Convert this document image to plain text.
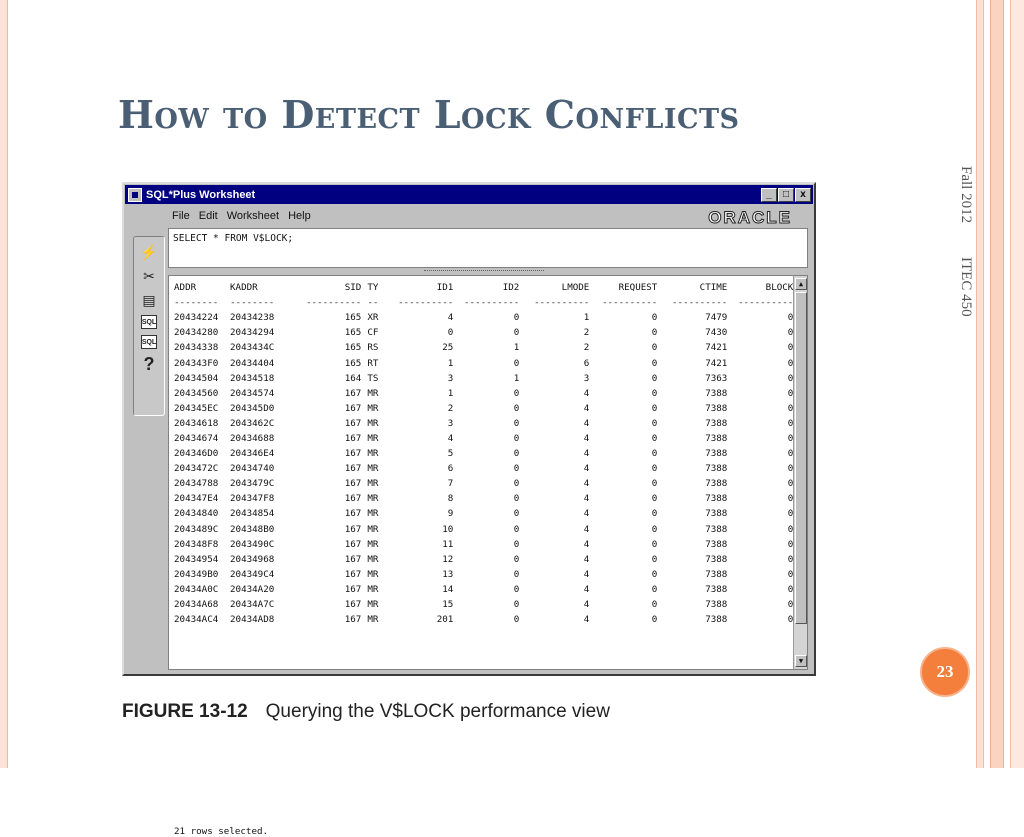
How to Detect Lock Conflicts
Fall 2012  ITEC 450
23
FIGURE 13-12 Querying the V$LOCK performance view
SQL*Plus Worksheet	_	□	x
File Edit Worksheet Help	ORACLE
⚡
✂
▤
SQL
SQL
?
SELECT * FROM V$LOCK;
ADDR	KADDR	SID	TY	ID1	ID2	LMODE	REQUEST	CTIME	BLOCK
--------	--------	----------	--	----------	----------	----------	----------	----------	----------
20434224	20434238	165	XR	4	0	1	0	7479	0
20434280	20434294	165	CF	0	0	2	0	7430	0
20434338	2043434C	165	RS	25	1	2	0	7421	0
204343F0	20434404	165	RT	1	0	6	0	7421	0
20434504	20434518	164	TS	3	1	3	0	7363	0
20434560	20434574	167	MR	1	0	4	0	7388	0
204345EC	204345D0	167	MR	2	0	4	0	7388	0
20434618	2043462C	167	MR	3	0	4	0	7388	0
20434674	20434688	167	MR	4	0	4	0	7388	0
204346D0	204346E4	167	MR	5	0	4	0	7388	0
2043472C	20434740	167	MR	6	0	4	0	7388	0
20434788	2043479C	167	MR	7	0	4	0	7388	0
204347E4	204347F8	167	MR	8	0	4	0	7388	0
20434840	20434854	167	MR	9	0	4	0	7388	0
2043489C	204348B0	167	MR	10	0	4	0	7388	0
204348F8	2043490C	167	MR	11	0	4	0	7388	0
20434954	20434968	167	MR	12	0	4	0	7388	0
204349B0	204349C4	167	MR	13	0	4	0	7388	0
20434A0C	20434A20	167	MR	14	0	4	0	7388	0
20434A68	20434A7C	167	MR	15	0	4	0	7388	0
20434AC4	20434AD8	167	MR	201	0	4	0	7388	0
21 rows selected.
▲
▼
